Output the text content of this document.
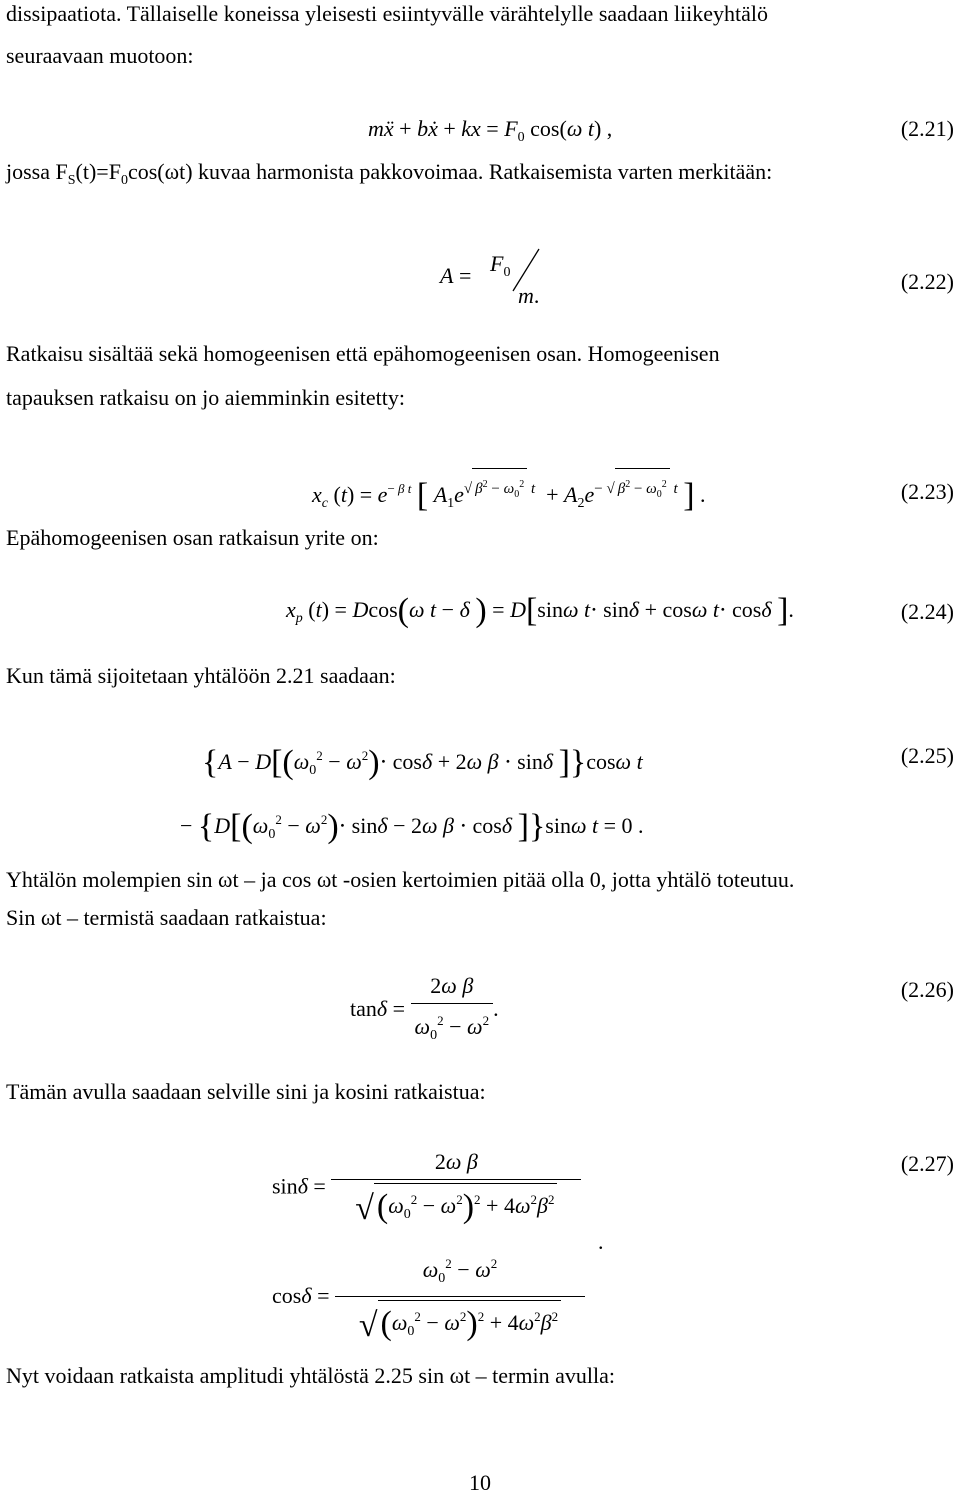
dissipaatiota. Tällaiselle koneissa yleisesti esiintyvälle värähtelylle saadaan liikeyhtälö
seuraavaan muotoon:
mẍ + bẋ + kx = $F_0$ cos(ω t) ,	(2.21)
jossa $F_S(t)=F_0\cos(\omega t)$ kuvaa harmonista pakkovoimaa. Ratkaisemista varten merkitään:
$A = F_0$
m.
(2.22)
Ratkaisu sisältää sekä homogeenisen että epähomogeenisen osan. Homogeenisen
tapauksen ratkaisu on jo aiemminkin esitetty:
$x_c$ $(t) = e^{- \beta t}$ [ $A_1e^{√ \beta^2 - \omega_0^2 t} + A_2e^{- √ \beta^2 - \omega_0^2 t}$ ] .	(2.23)
Epähomogeenisen osan ratkaisun yrite on:
$x_p$ (t) = Dcos(ω t − δ ) = D[sinω t⋅ sinδ + cosω t⋅ cosδ ].	(2.24)
Kun tämä sijoitetaan yhtälöön 2.21 saadaan:
{$A - D[(\omega_0^2 - \omega^2)\cdot \cos\delta + 2\omega$ β ⋅ sinδ ]}cosω t	(2.25)
− {$D[(\omega_0^2 - \omega^2)\cdot \sin\delta - 2\omega$ β ⋅ cosδ ]}sinω t = 0 .
Yhtälön molempien sin ωt – ja cos ωt -osien kertoimien pitää olla 0, jotta yhtälö toteutuu.
Sin ωt – termistä saadaan ratkaistua:
$\tan\delta = \frac{\text{2ω β}}{\omega_0^2 - \omega^2}$ .
(2.26)
Tämän avulla saadaan selville sini ja kosini ratkaistua:
$\sin\delta = \frac{\text{2ω β}}{√(\omega_0^2 - \omega^2)^2 + 4\omega^2\beta^2}$	(2.27)
$\cos\delta = \frac{\omega_0^2 - \omega^2}{√(\omega_0^2 - \omega^2)^2 + 4\omega^2\beta^2}$
.
Nyt voidaan ratkaista amplitudi yhtälöstä 2.25 sin ωt – termin avulla:
10
